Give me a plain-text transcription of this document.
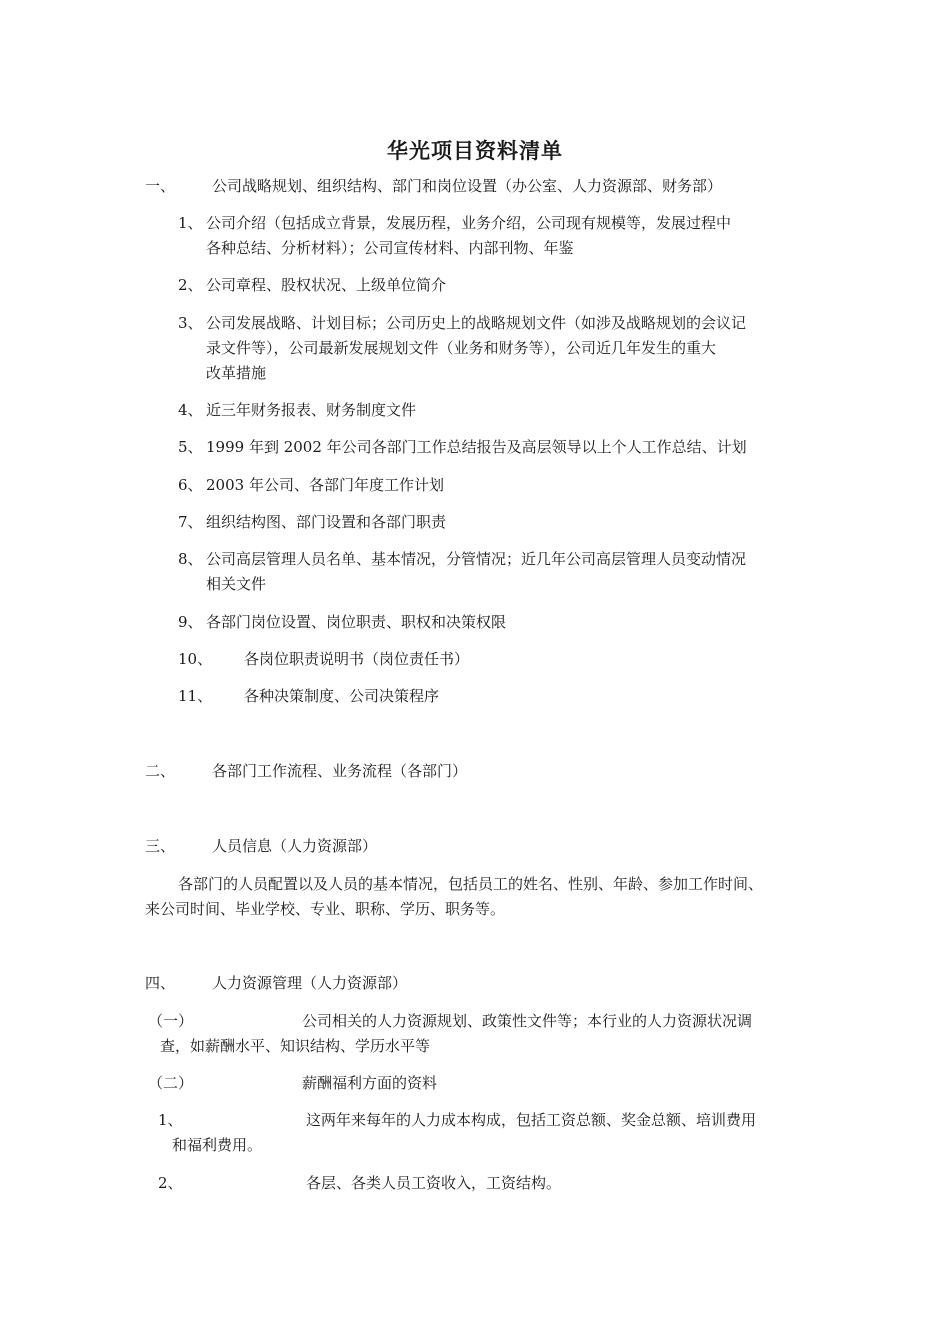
华光项目资料清单
一、 公司战略规划、组织结构、部门和岗位设置（办公室、人力资源部、财务部）
1、 公司介绍（包括成立背景，发展历程，业务介绍，公司现有规模等，发展过程中
各种总结、分析材料）；公司宣传材料、内部刊物、年鉴
2、 公司章程、股权状况、上级单位简介
3、 公司发展战略、计划目标；公司历史上的战略规划文件（如涉及战略规划的会议记
录文件等），公司最新发展规划文件（业务和财务等），公司近几年发生的重大
改革措施
4、 近三年财务报表、财务制度文件
5、 1999 年到 2002 年公司各部门工作总结报告及高层领导以上个人工作总结、计划
6、 2003 年公司、各部门年度工作计划
7、 组织结构图、部门设置和各部门职责
8、 公司高层管理人员名单、基本情况，分管情况；近几年公司高层管理人员变动情况
相关文件
9、 各部门岗位设置、岗位职责、职权和决策权限
10、 各岗位职责说明书（岗位责任书）
11、 各种决策制度、公司决策程序
二、 各部门工作流程、业务流程（各部门）
三、 人员信息（人力资源部）
各部门的人员配置以及人员的基本情况，包括员工的姓名、性别、年龄、参加工作时间、
来公司时间、毕业学校、专业、职称、学历、职务等。
四、 人力资源管理（人力资源部）
（一）	公司相关的人力资源规划、政策性文件等；本行业的人力资源状况调
查，如薪酬水平、知识结构、学历水平等
（二）	薪酬福利方面的资料
1、	这两年来每年的人力成本构成，包括工资总额、奖金总额、培训费用
和福利费用。
2、	各层、各类人员工资收入，工资结构。
